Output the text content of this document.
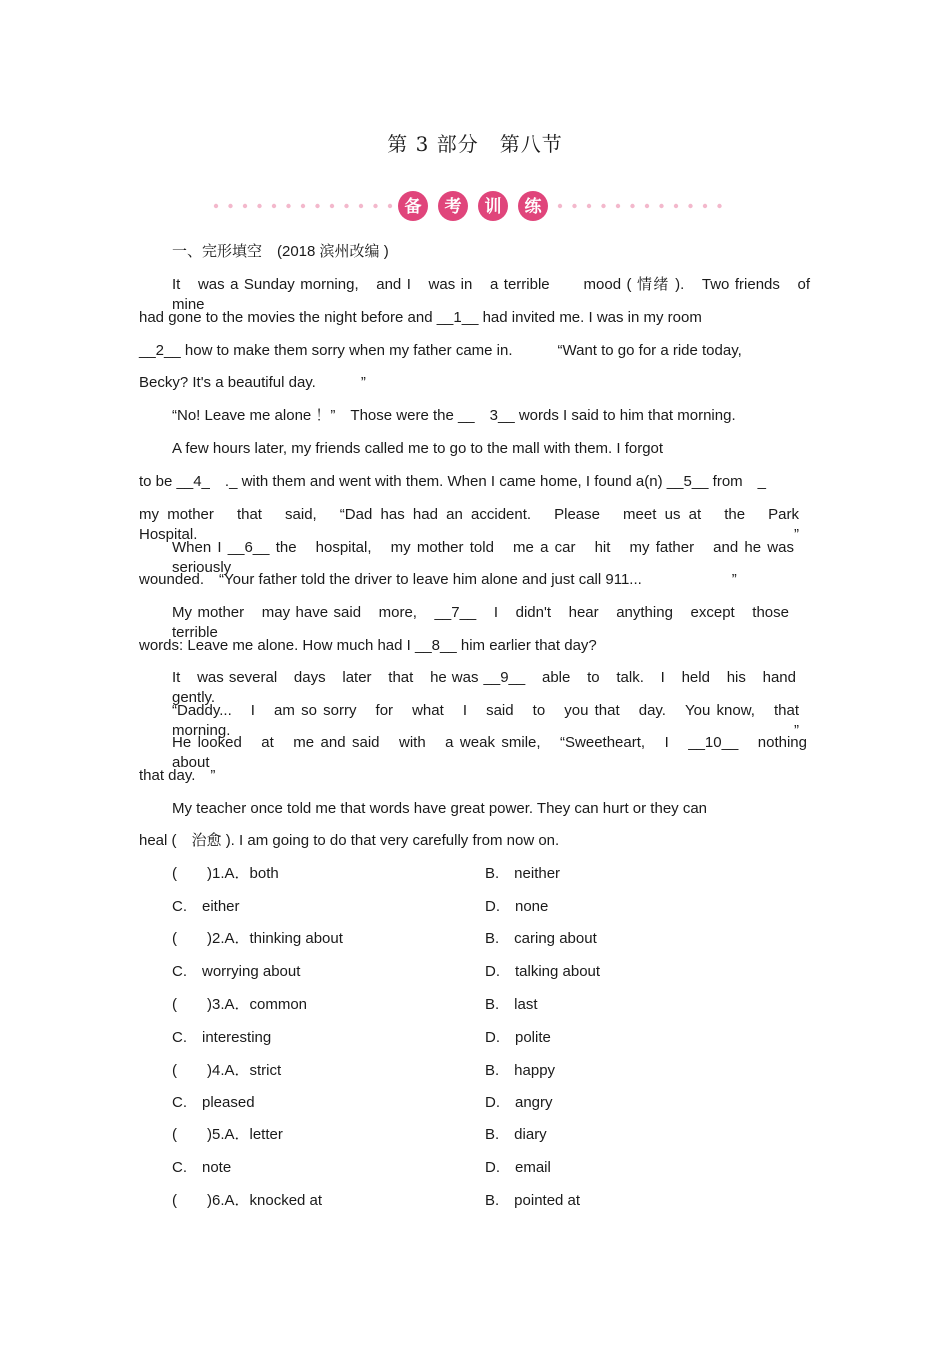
第 3 部分　第八节
备 考 训 练
一、完形填空　(2018 滨州改编 )
It　was a Sunday morning,　and I　was in　a terrible　　mood ( 情绪 ).　Two friends　of　mine
had gone to the movies the night before and __1__ had invited me. I was in my room
__2__ how to make them sorry when my father came in.　　　“Want to go for a ride today,
Becky? It's a beautiful day.　　　”
“No! Leave me alone ！”　Those were the __　3__ words I said to him that morning.
A few hours later, my friends called me to go to the mall with them. I forgot
to be __4_　._ with them and went with them. When I came home, I found a(n) __5__ from　_
my mother　that　said,　“Dad has had an accident.　Please　meet us at　the　Park　Hospital.　”
When I __6__ the　hospital,　my mother told　me a car　hit　my father　and he was seriously
wounded.　“Your father told the driver to leave him alone and just call 911...　　　　　　”
My mother　may have said　more,　__7__　I　didn't　hear　anything　except　those　terrible
words: Leave me alone. How much had I __8__ him earlier that day?
It　was several　days　later　that　he was __9__　able　to　talk.　I　held　his　hand gently.
“Daddy...　I　am so sorry　for　what　I　said　to　you that　day.　You know,　that　morning. ”
He looked　at　me and said　with　a weak smile,　“Sweetheart,　I　__10__　nothing　about
that day.　”
My teacher once told me that words have great power. They can hurt or they can
heal (　治愈 ). I am going to do that very carefully from now on.
(　　)1.A．both	B.　neither
C.　either	D.　none
(　　)2.A．thinking about	B.　caring about
C.　worrying about	D.　talking about
(　　)3.A．common	B.　last
C.　interesting	D.　polite
(　　)4.A．strict	B.　happy
C.　pleased	D.　angry
(　　)5.A．letter	B.　diary
C.　note	D.　email
(　　)6.A．knocked at	B.　pointed at
